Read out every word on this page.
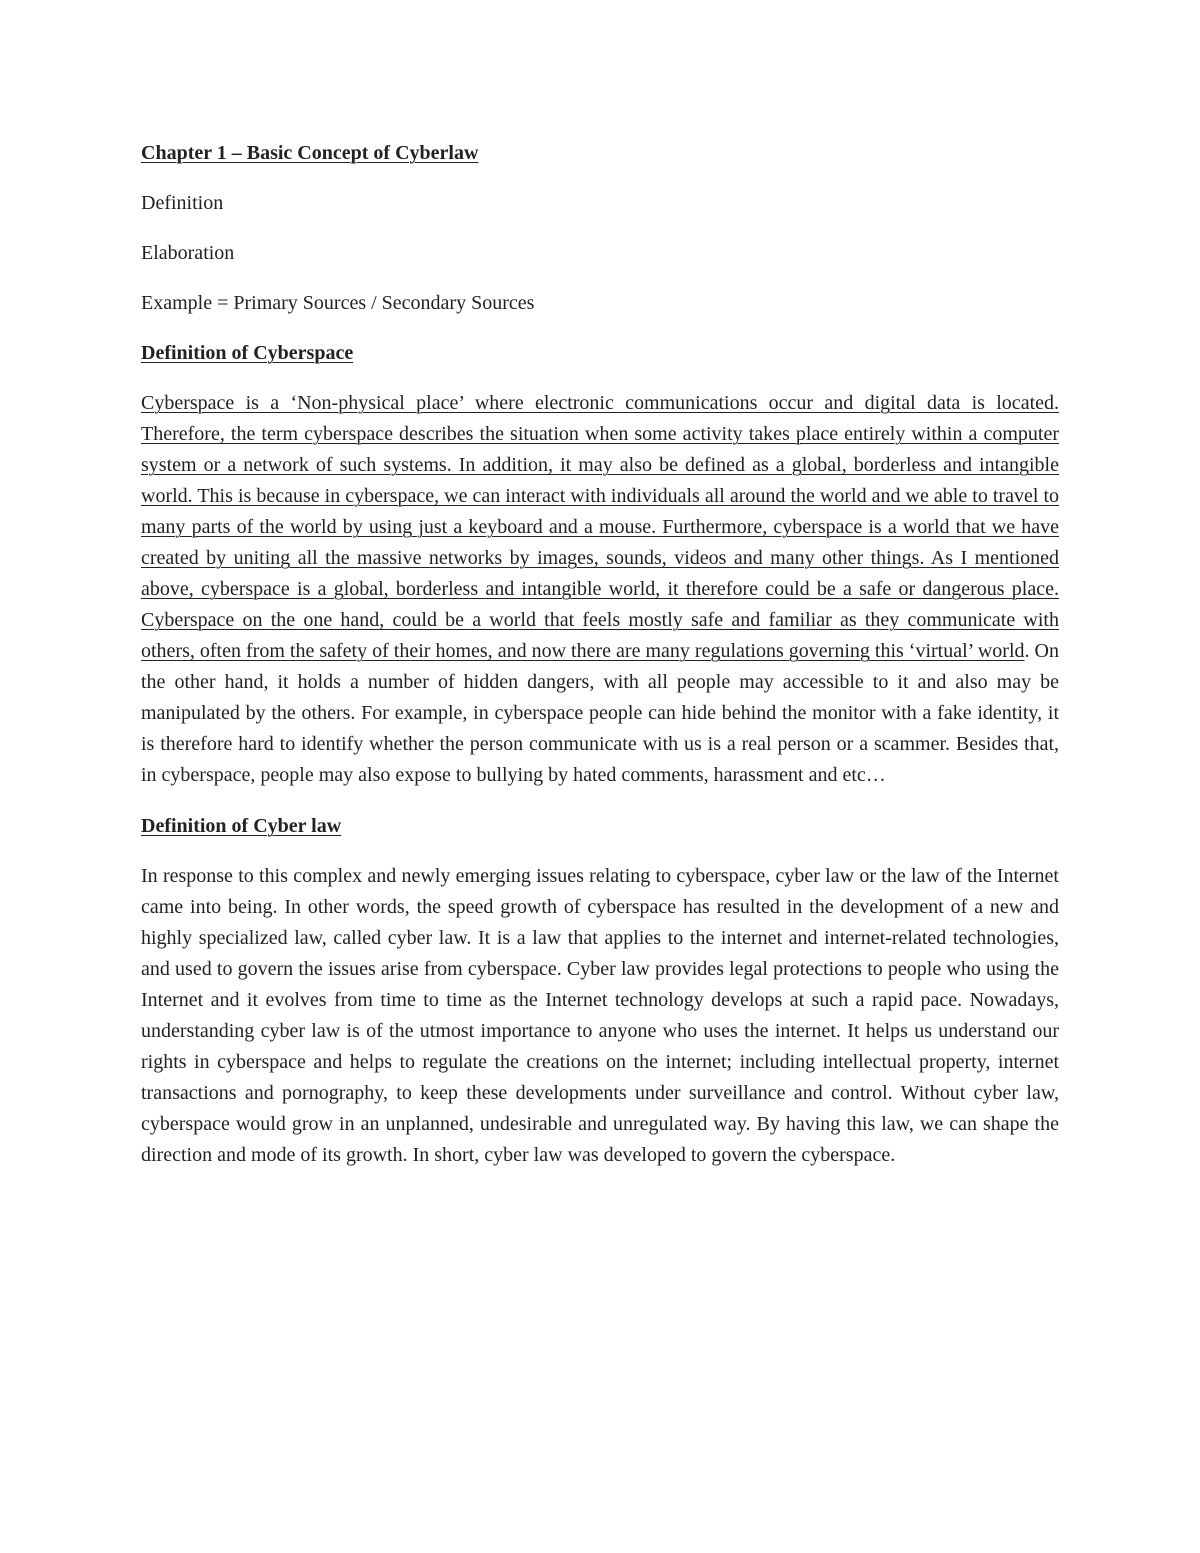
Chapter 1 – Basic Concept of Cyberlaw

Definition

Elaboration

Example = Primary Sources / Secondary Sources

Definition of Cyberspace

Cyberspace is a ‘Non-physical place’ where electronic communications occur and digital data is located. Therefore, the term cyberspace describes the situation when some activity takes place entirely within a computer system or a network of such systems. In addition, it may also be defined as a global, borderless and intangible world. This is because in cyberspace, we can interact with individuals all around the world and we able to travel to many parts of the world by using just a keyboard and a mouse. Furthermore, cyberspace is a world that we have created by uniting all the massive networks by images, sounds, videos and many other things. As I mentioned above, cyberspace is a global, borderless and intangible world, it therefore could be a safe or dangerous place. Cyberspace on the one hand, could be a world that feels mostly safe and familiar as they communicate with others, often from the safety of their homes, and now there are many regulations governing this ‘virtual’ world. On the other hand, it holds a number of hidden dangers, with all people may accessible to it and also may be manipulated by the others. For example, in cyberspace people can hide behind the monitor with a fake identity, it is therefore hard to identify whether the person communicate with us is a real person or a scammer. Besides that, in cyberspace, people may also expose to bullying by hated comments, harassment and etc…

Definition of Cyber law

In response to this complex and newly emerging issues relating to cyberspace, cyber law or the law of the Internet came into being. In other words, the speed growth of cyberspace has resulted in the development of a new and highly specialized law, called cyber law. It is a law that applies to the internet and internet-related technologies, and used to govern the issues arise from cyberspace. Cyber law provides legal protections to people who using the Internet and it evolves from time to time as the Internet technology develops at such a rapid pace. Nowadays, understanding cyber law is of the utmost importance to anyone who uses the internet. It helps us understand our rights in cyberspace and helps to regulate the creations on the internet; including intellectual property, internet transactions and pornography, to keep these developments under surveillance and control. Without cyber law, cyberspace would grow in an unplanned, undesirable and unregulated way. By having this law, we can shape the direction and mode of its growth. In short, cyber law was developed to govern the cyberspace.
